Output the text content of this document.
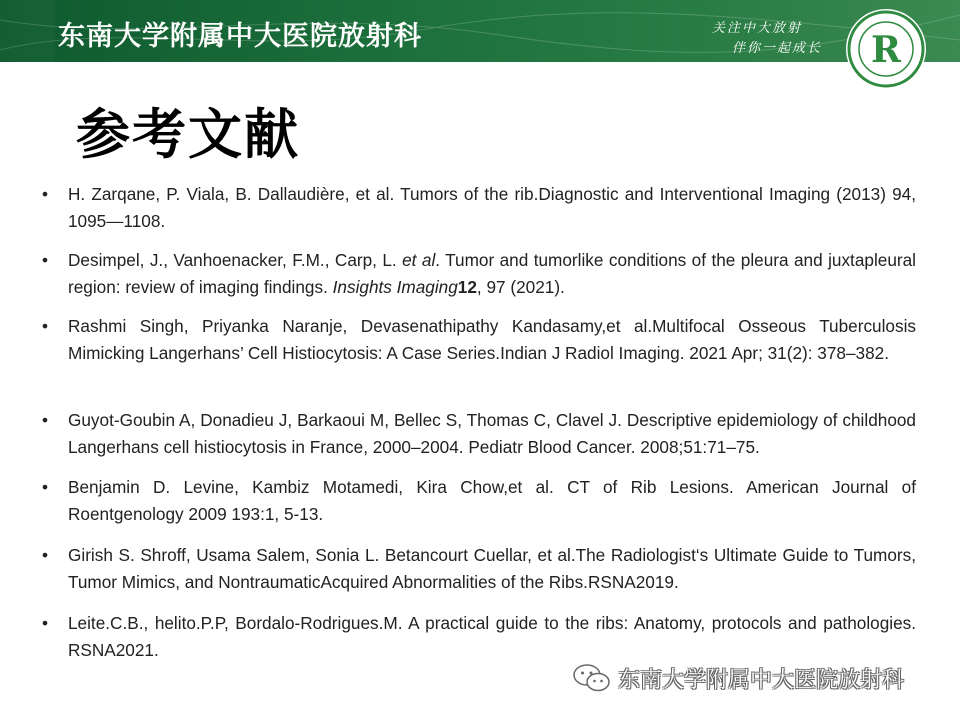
东南大学附属中大医院放射科	关注中大放射
伴你一起成长 R
参考文献
• H. Zarqane, P. Viala, B. Dallaudière, et al. Tumors of the rib.Diagnostic and Interventional Imaging (2013) 94, 1095—1108.
• Desimpel, J., Vanhoenacker, F.M., Carp, L. et al. Tumor and tumorlike conditions of the pleura and juxtapleural region: review of imaging findings. Insights Imaging12, 97 (2021).
• Rashmi Singh, Priyanka Naranje, Devasenathipathy Kandasamy,et al.Multifocal Osseous Tuberculosis Mimicking Langerhans’ Cell Histiocytosis: A Case Series.Indian J Radiol Imaging. 2021 Apr; 31(2): 378–382.
• Guyot-Goubin A, Donadieu J, Barkaoui M, Bellec S, Thomas C, Clavel J. Descriptive epidemiology of childhood Langerhans cell histiocytosis in France, 2000–2004. Pediatr Blood Cancer. 2008;51:71–75.
• Benjamin D. Levine, Kambiz Motamedi, Kira Chow,et al. CT of Rib Lesions. American Journal of Roentgenology 2009 193:1, 5-13.
• Girish S. Shroff, Usama Salem, Sonia L. Betancourt Cuellar, et al.The Radiologist‘s Ultimate Guide to Tumors, Tumor Mimics, and NontraumaticAcquired Abnormalities of the Ribs.RSNA2019.
• Leite.C.B., helito.P.P, Bordalo-Rodrigues.M. A practical guide to the ribs: Anatomy, protocols and pathologies. RSNA2021.
东南大学附属中大医院放射科
